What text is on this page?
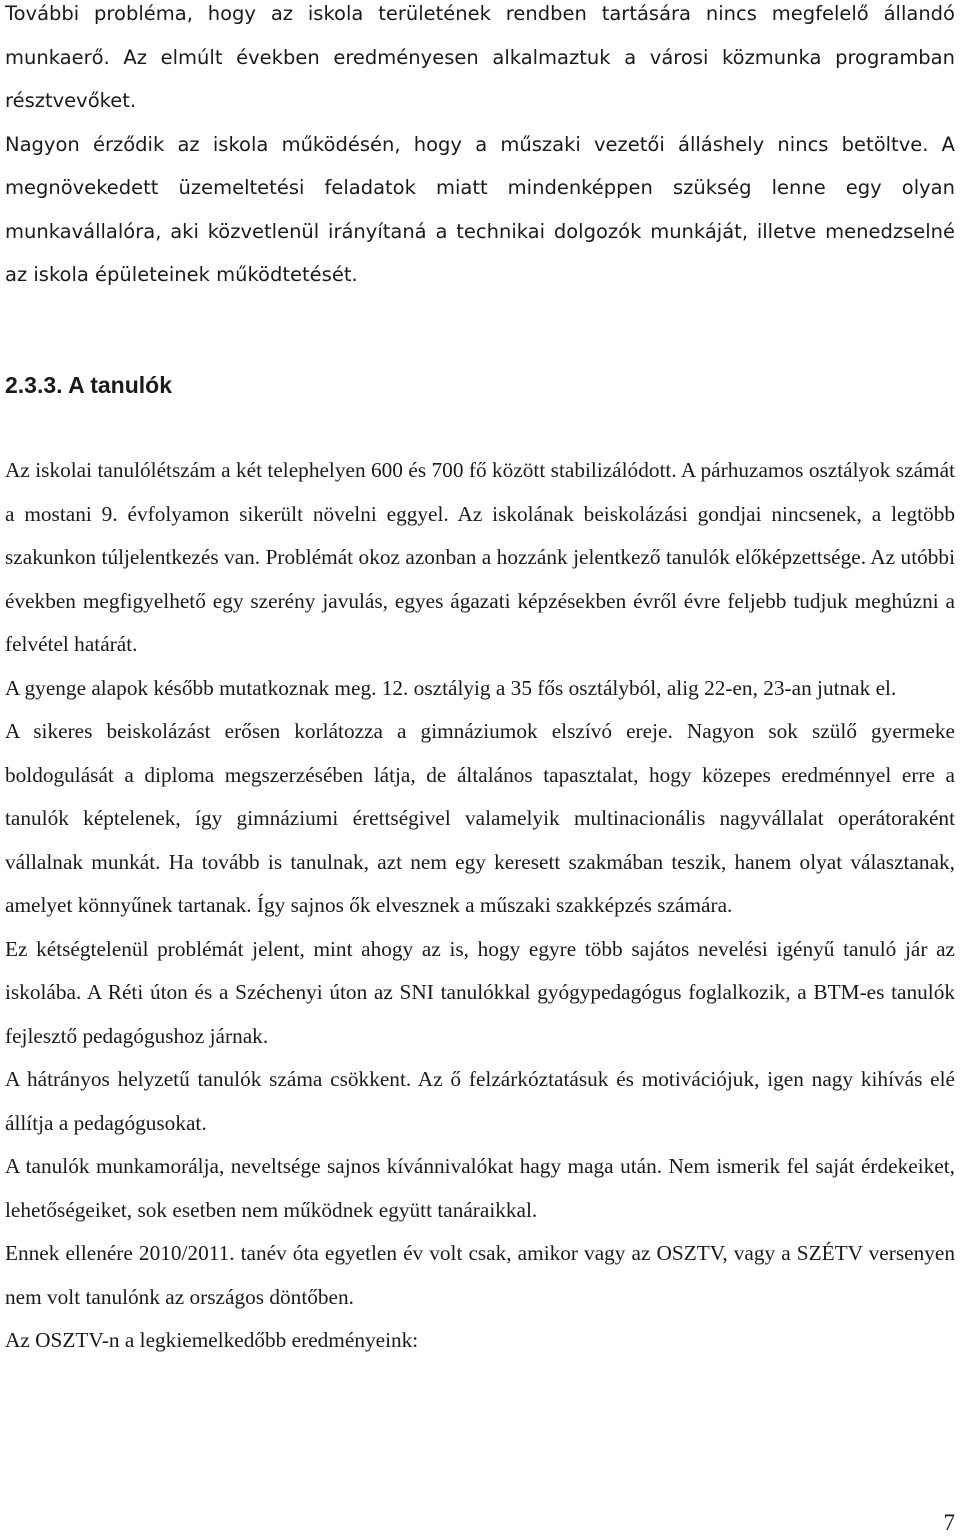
További probléma, hogy az iskola területének rendben tartására nincs megfelelő állandó munkaerő. Az elmúlt években eredményesen alkalmaztuk a városi közmunka programban résztvevőket.

Nagyon érződik az iskola működésén, hogy a műszaki vezetői álláshely nincs betöltve. A megnövekedett üzemeltetési feladatok miatt mindenképpen szükség lenne egy olyan munkavállalóra, aki közvetlenül irányítaná a technikai dolgozók munkáját, illetve menedzselné az iskola épületeinek működtetését.

2.3.3. A tanulók

Az iskolai tanulólétszám a két telephelyen 600 és 700 fő között stabilizálódott. A párhuzamos osztályok számát a mostani 9. évfolyamon sikerült növelni eggyel. Az iskolának beiskolázási gondjai nincsenek, a legtöbb szakunkon túljelentkezés van. Problémát okoz azonban a hozzánk jelentkező tanulók előképzettsége. Az utóbbi években megfigyelhető egy szerény javulás, egyes ágazati képzésekben évről évre feljebb tudjuk meghúzni a felvétel határát.

A gyenge alapok később mutatkoznak meg. 12. osztályig a 35 fős osztályból, alig 22-en, 23-an jutnak el.

A sikeres beiskolázást erősen korlátozza a gimnáziumok elszívó ereje. Nagyon sok szülő gyermeke boldogulását a diploma megszerzésében látja, de általános tapasztalat, hogy közepes eredménnyel erre a tanulók képtelenek, így gimnáziumi érettségivel valamelyik multinacionális nagyvállalat operátoraként vállalnak munkát. Ha tovább is tanulnak, azt nem egy keresett szakmában teszik, hanem olyat választanak, amelyet könnyűnek tartanak. Így sajnos ők elvesznek a műszaki szakképzés számára.

Ez kétségtelenül problémát jelent, mint ahogy az is, hogy egyre több sajátos nevelési igényű tanuló jár az iskolába. A Réti úton és a Széchenyi úton az SNI tanulókkal gyógypedagógus foglalkozik, a BTM-es tanulók fejlesztő pedagógushoz járnak.

A hátrányos helyzetű tanulók száma csökkent. Az ő felzárkóztatásuk és motivációjuk, igen nagy kihívás elé állítja a pedagógusokat.

A tanulók munkamorálja, neveltsége sajnos kívánnivalókat hagy maga után. Nem ismerik fel saját érdekeiket, lehetőségeiket, sok esetben nem működnek együtt tanáraikkal.

Ennek ellenére 2010/2011. tanév óta egyetlen év volt csak, amikor vagy az OSZTV, vagy a SZÉTV versenyen nem volt tanulónk az országos döntőben.

Az OSZTV-n a legkiemelkedőbb eredményeink:

7
